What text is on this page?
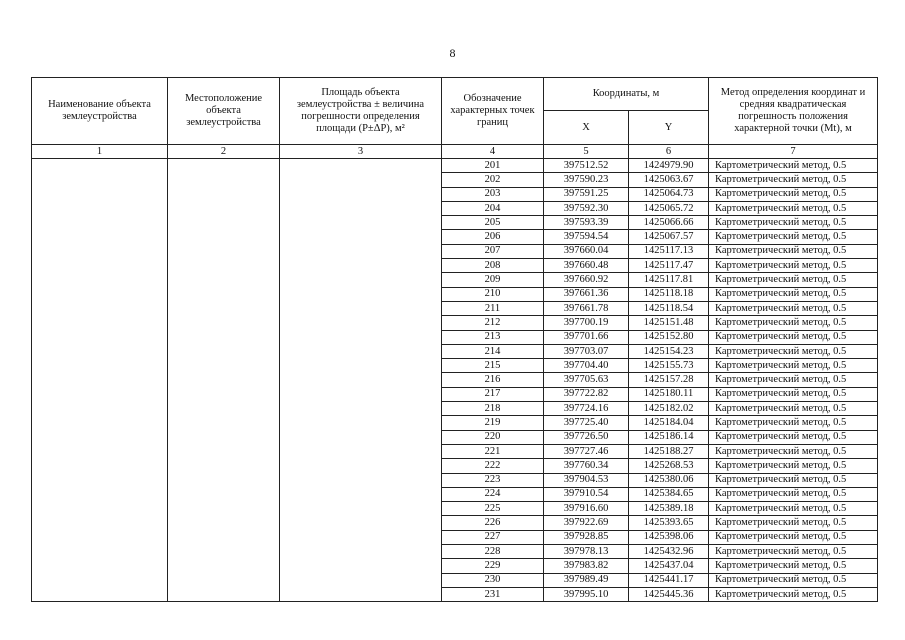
8
Наименование объекта землеустройства	Местоположение объекта землеустройства	Площадь объекта землеустройства ± величина погрешности определения площади (P±ΔP), м²	Обозначение характерных точек границ	Координаты, м		Метод определения координат и средняя квадратическая погрешность положения характерной точки (Mt), м
				X	Y	
1	2	3	4	5	6	7
			201	397512.52	1424979.90	Картометрический метод, 0.5
			202	397590.23	1425063.67	Картометрический метод, 0.5
			203	397591.25	1425064.73	Картометрический метод, 0.5
			204	397592.30	1425065.72	Картометрический метод, 0.5
			205	397593.39	1425066.66	Картометрический метод, 0.5
			206	397594.54	1425067.57	Картометрический метод, 0.5
			207	397660.04	1425117.13	Картометрический метод, 0.5
			208	397660.48	1425117.47	Картометрический метод, 0.5
			209	397660.92	1425117.81	Картометрический метод, 0.5
			210	397661.36	1425118.18	Картометрический метод, 0.5
			211	397661.78	1425118.54	Картометрический метод, 0.5
			212	397700.19	1425151.48	Картометрический метод, 0.5
			213	397701.66	1425152.80	Картометрический метод, 0.5
			214	397703.07	1425154.23	Картометрический метод, 0.5
			215	397704.40	1425155.73	Картометрический метод, 0.5
			216	397705.63	1425157.28	Картометрический метод, 0.5
			217	397722.82	1425180.11	Картометрический метод, 0.5
			218	397724.16	1425182.02	Картометрический метод, 0.5
			219	397725.40	1425184.04	Картометрический метод, 0.5
			220	397726.50	1425186.14	Картометрический метод, 0.5
			221	397727.46	1425188.27	Картометрический метод, 0.5
			222	397760.34	1425268.53	Картометрический метод, 0.5
			223	397904.53	1425380.06	Картометрический метод, 0.5
			224	397910.54	1425384.65	Картометрический метод, 0.5
			225	397916.60	1425389.18	Картометрический метод, 0.5
			226	397922.69	1425393.65	Картометрический метод, 0.5
			227	397928.85	1425398.06	Картометрический метод, 0.5
			228	397978.13	1425432.96	Картометрический метод, 0.5
			229	397983.82	1425437.04	Картометрический метод, 0.5
			230	397989.49	1425441.17	Картометрический метод, 0.5
			231	397995.10	1425445.36	Картометрический метод, 0.5
